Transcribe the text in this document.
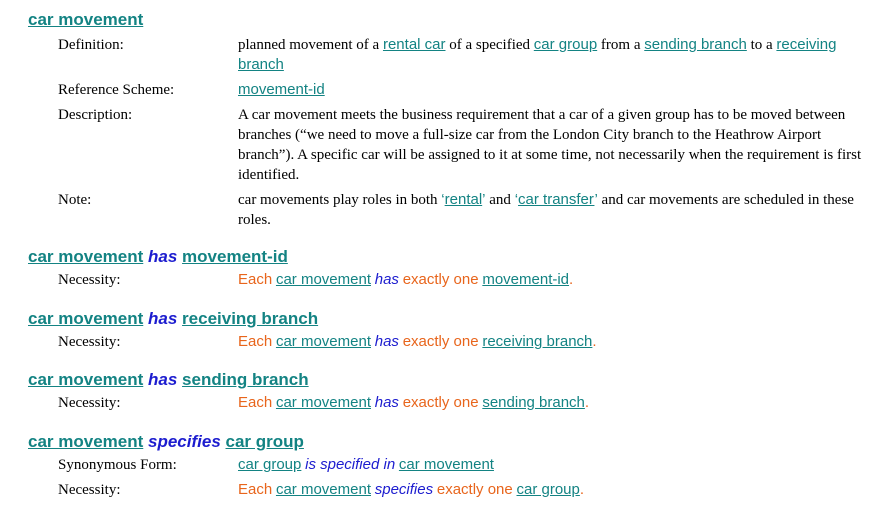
car movement
Definition:	planned movement of a rental car of a specified car group from a sending branch to a receiving branch
Reference Scheme:	movement-id
Description:	A car movement meets the business requirement that a car of a given group has to be moved between branches (“we need to move a full-size car from the London City branch to the Heathrow Airport branch”). A specific car will be assigned to it at some time, not necessarily when the requirement is first identified.
Note:	car movements play roles in both ‘rental’ and ‘car transfer’ and car movements are scheduled in these roles.
car movement has movement-id
Necessity:	Each car movement has exactly one movement-id.
car movement has receiving branch
Necessity:	Each car movement has exactly one receiving branch.
car movement has sending branch
Necessity:	Each car movement has exactly one sending branch.
car movement specifies car group
Synonymous Form:	car group is specified in car movement
Necessity:	Each car movement specifies exactly one car group.
